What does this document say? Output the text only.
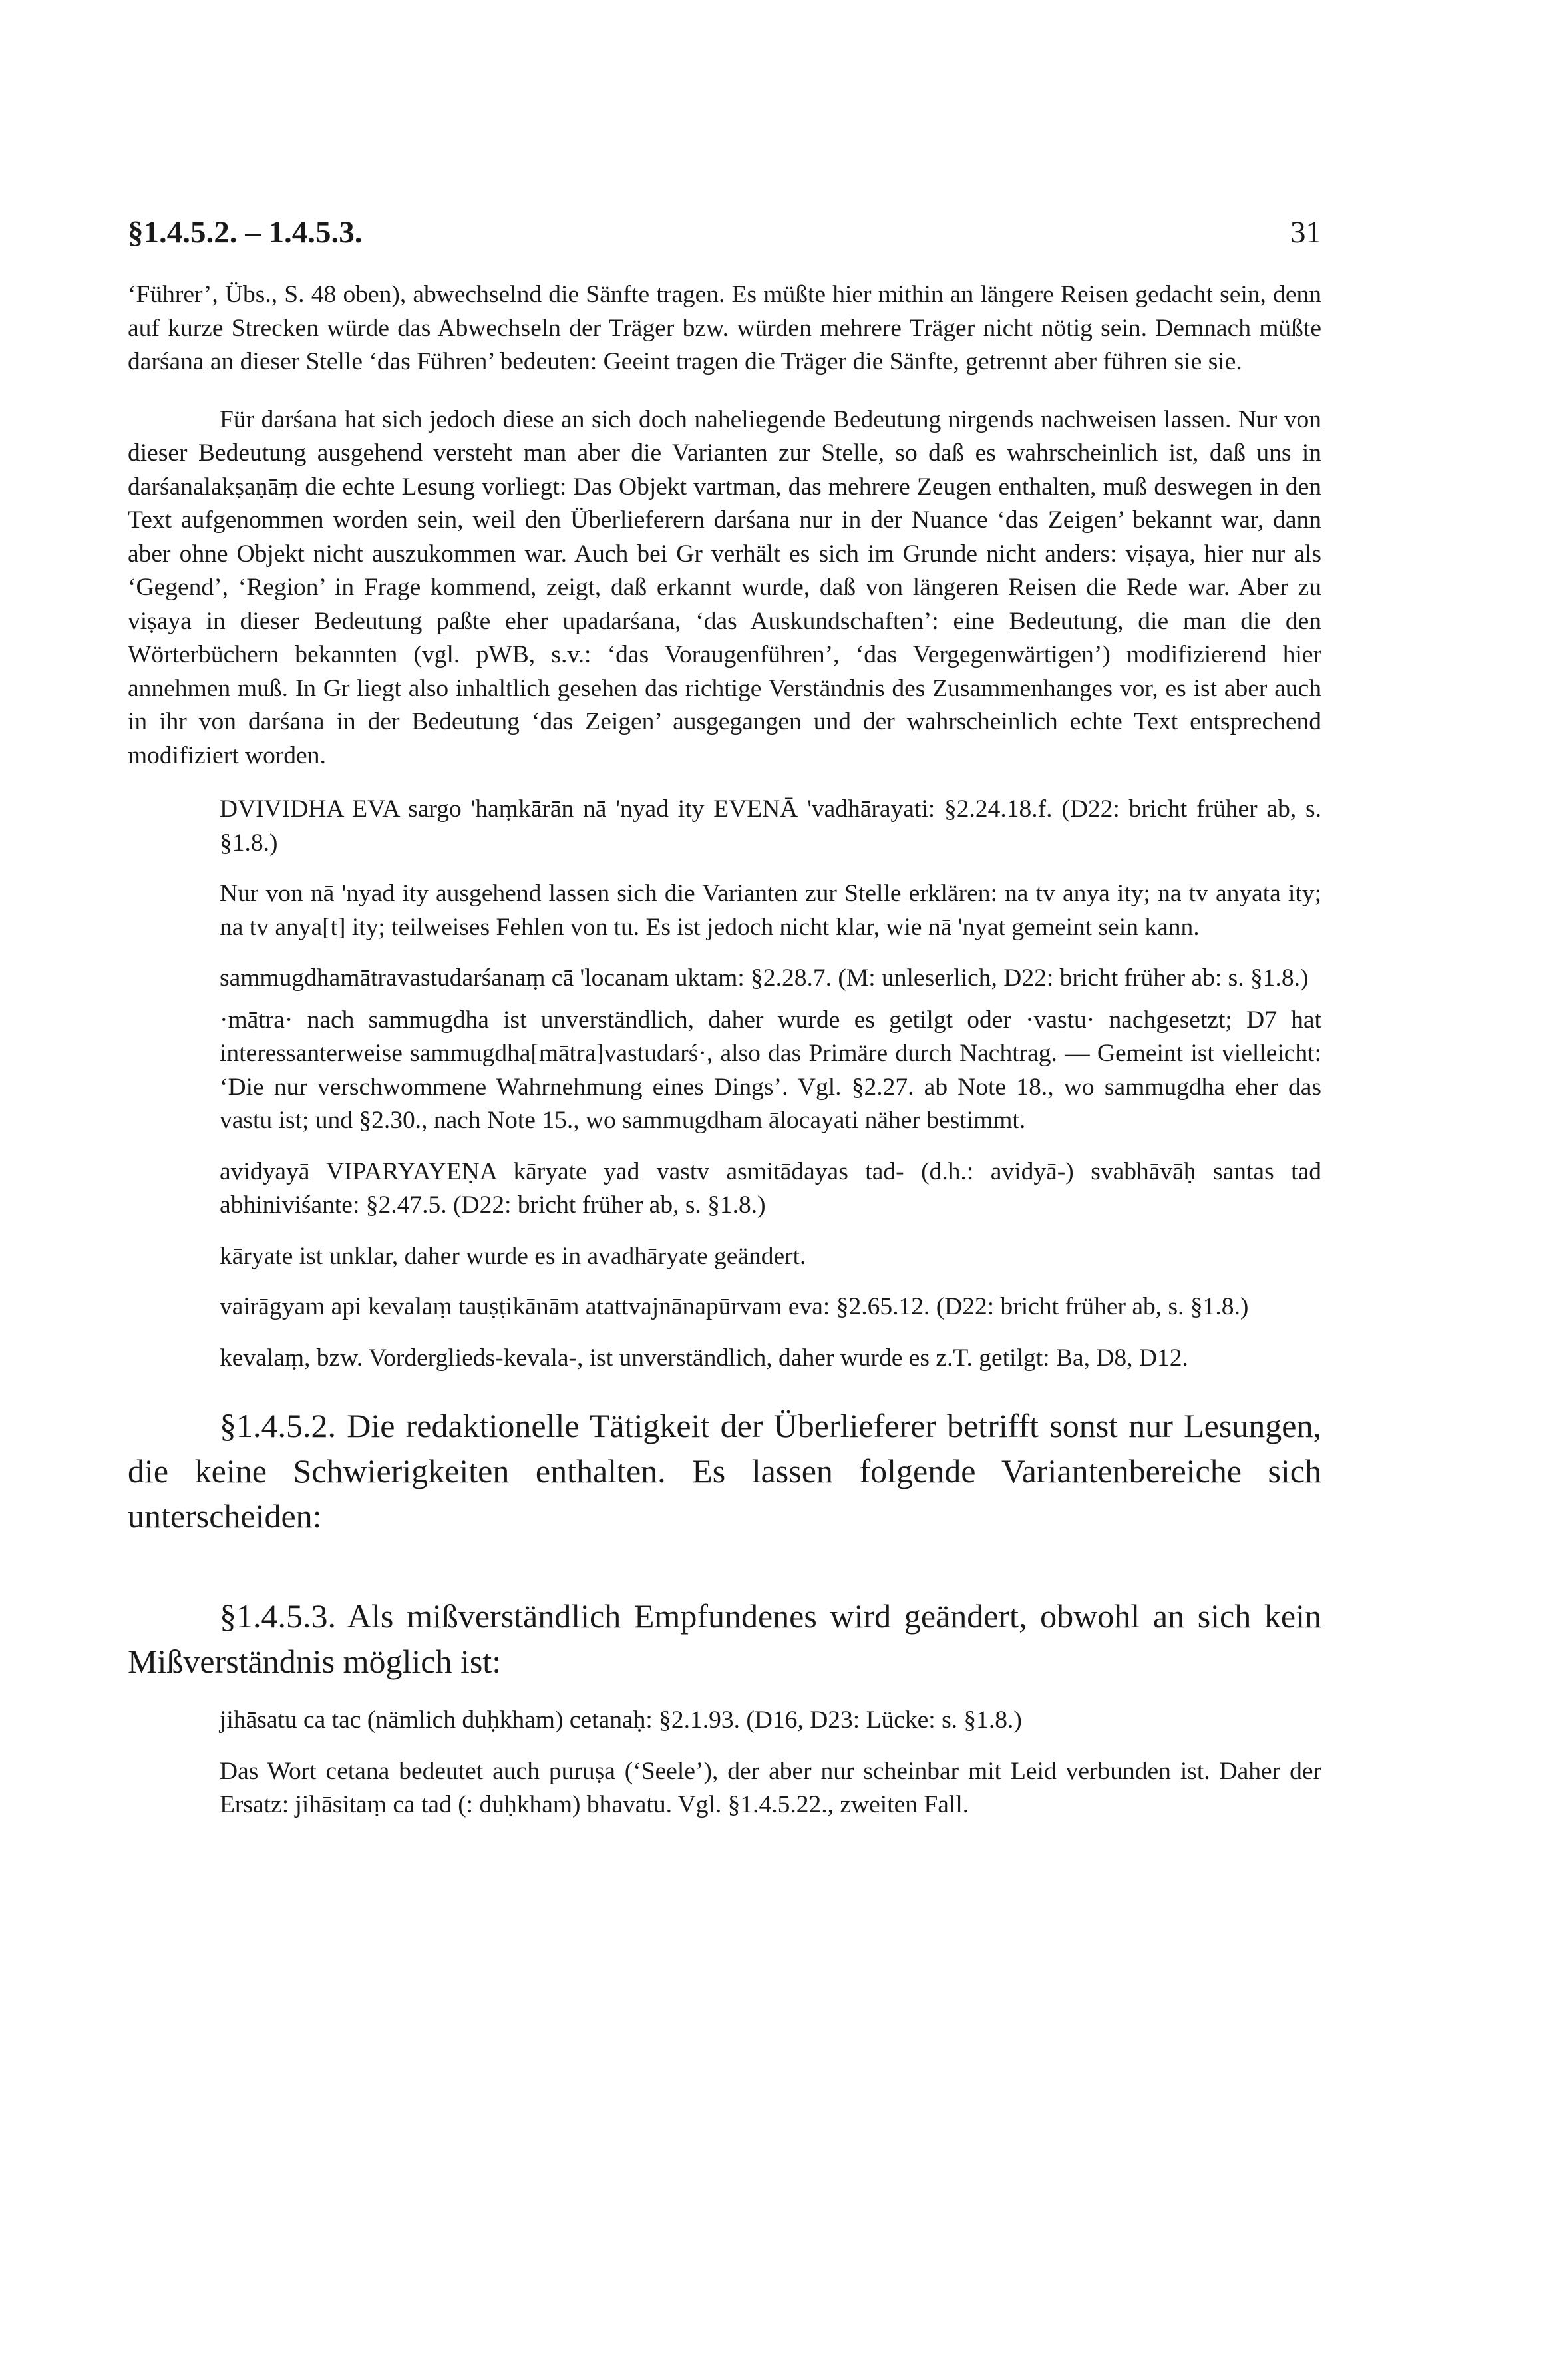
§1.4.5.2. – 1.4.5.3.	31

‘Führer’, Übs., S. 48 oben), abwechselnd die Sänfte tragen. Es müßte hier mithin an längere Reisen gedacht sein, denn auf kurze Strecken würde das Abwechseln der Träger bzw. würden mehrere Träger nicht nötig sein. Demnach müßte darśana an dieser Stelle ‘das Führen’ bedeuten: Geeint tragen die Träger die Sänfte, getrennt aber führen sie sie.

Für darśana hat sich jedoch diese an sich doch naheliegende Bedeutung nirgends nachweisen lassen. Nur von dieser Bedeutung ausgehend versteht man aber die Varianten zur Stelle, so daß es wahrscheinlich ist, daß uns in darśanalakṣaṇāṃ die echte Lesung vorliegt: Das Objekt vartman, das mehrere Zeugen enthalten, muß deswegen in den Text aufgenommen worden sein, weil den Überlieferern darśana nur in der Nuance ‘das Zeigen’ bekannt war, dann aber ohne Objekt nicht auszukommen war. Auch bei Gr verhält es sich im Grunde nicht anders: viṣaya, hier nur als ‘Gegend’, ‘Region’ in Frage kommend, zeigt, daß erkannt wurde, daß von längeren Reisen die Rede war. Aber zu viṣaya in dieser Bedeutung paßte eher upadarśana, ‘das Auskundschaften’: eine Bedeutung, die man die den Wörterbüchern bekannten (vgl. pWB, s.v.: ‘das Voraugenführen’, ‘das Vergegenwärtigen’) modifizierend hier annehmen muß. In Gr liegt also inhaltlich gesehen das richtige Verständnis des Zusammenhanges vor, es ist aber auch in ihr von darśana in der Bedeutung ‘das Zeigen’ ausgegangen und der wahrscheinlich echte Text entsprechend modifiziert worden.

DVIVIDHA EVA sargo 'haṃkārān nā 'nyad ity EVENĀ 'vadhārayati: §2.24.18.f. (D22: bricht früher ab, s. §1.8.)

Nur von nā 'nyad ity ausgehend lassen sich die Varianten zur Stelle erklären: na tv anya ity; na tv anyata ity; na tv anya[t] ity; teilweises Fehlen von tu. Es ist jedoch nicht klar, wie nā 'nyat gemeint sein kann.

sammugdhamātravastudarśanaṃ cā 'locanam uktam: §2.28.7. (M: unleserlich, D22: bricht früher ab: s. §1.8.)

·mātra· nach sammugdha ist unverständlich, daher wurde es getilgt oder ·vastu· nachgesetzt; D7 hat interessanterweise sammugdha[mātra]vastudarś·, also das Primäre durch Nachtrag. — Gemeint ist vielleicht: ‘Die nur verschwommene Wahrnehmung eines Dings’. Vgl. §2.27. ab Note 18., wo sammugdha eher das vastu ist; und §2.30., nach Note 15., wo sammugdham ālocayati näher bestimmt.

avidyayā VIPARYAYEṆA kāryate yad vastv asmitādayas tad- (d.h.: avidyā-) svabhāvāḥ santas tad abhiniviśante: §2.47.5. (D22: bricht früher ab, s. §1.8.)

kāryate ist unklar, daher wurde es in avadhāryate geändert.

vairāgyam api kevalaṃ tauṣṭikānām atattvajnānapūrvam eva: §2.65.12. (D22: bricht früher ab, s. §1.8.)

kevalaṃ, bzw. Vorderglieds-kevala-, ist unverständlich, daher wurde es z.T. getilgt: Ba, D8, D12.

§1.4.5.2. Die redaktionelle Tätigkeit der Überlieferer betrifft sonst nur Lesungen, die keine Schwierigkeiten enthalten. Es lassen folgende Variantenbereiche sich unterscheiden:

§1.4.5.3. Als mißverständlich Empfundenes wird geändert, obwohl an sich kein Mißverständnis möglich ist:

jihāsatu ca tac (nämlich duḥkham) cetanaḥ: §2.1.93. (D16, D23: Lücke: s. §1.8.)

Das Wort cetana bedeutet auch puruṣa (‘Seele’), der aber nur scheinbar mit Leid verbunden ist. Daher der Ersatz: jihāsitaṃ ca tad (: duḥkham) bhavatu. Vgl. §1.4.5.22., zweiten Fall.
